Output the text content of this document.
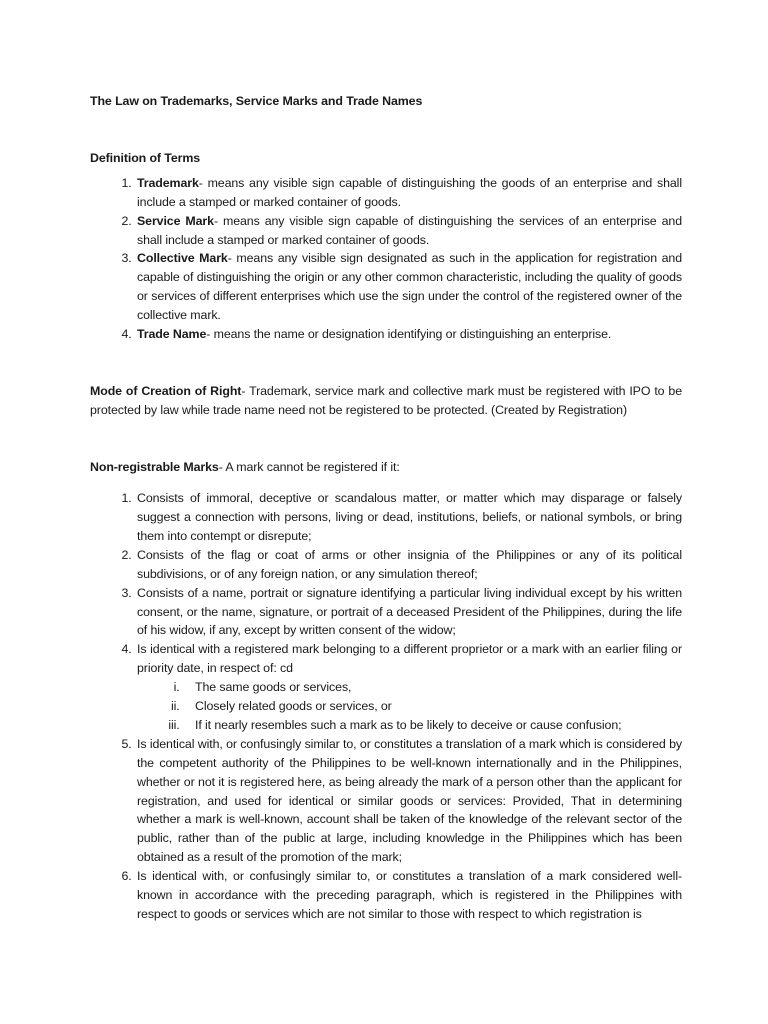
The Law on Trademarks, Service Marks and Trade Names

Definition of Terms
1. Trademark- means any visible sign capable of distinguishing the goods of an enterprise and shall include a stamped or marked container of goods.
2. Service Mark- means any visible sign capable of distinguishing the services of an enterprise and shall include a stamped or marked container of goods.
3. Collective Mark- means any visible sign designated as such in the application for registration and capable of distinguishing the origin or any other common characteristic, including the quality of goods or services of different enterprises which use the sign under the control of the registered owner of the collective mark.
4. Trade Name- means the name or designation identifying or distinguishing an enterprise.

Mode of Creation of Right- Trademark, service mark and collective mark must be registered with IPO to be protected by law while trade name need not be registered to be protected. (Created by Registration)

Non-registrable Marks- A mark cannot be registered if it:

1. Consists of immoral, deceptive or scandalous matter, or matter which may disparage or falsely suggest a connection with persons, living or dead, institutions, beliefs, or national symbols, or bring them into contempt or disrepute;
2. Consists of the flag or coat of arms or other insignia of the Philippines or any of its political subdivisions, or of any foreign nation, or any simulation thereof;
3. Consists of a name, portrait or signature identifying a particular living individual except by his written consent, or the name, signature, or portrait of a deceased President of the Philippines, during the life of his widow, if any, except by written consent of the widow;
4. Is identical with a registered mark belonging to a different proprietor or a mark with an earlier filing or priority date, in respect of: cd
i. The same goods or services,
ii. Closely related goods or services, or
iii. If it nearly resembles such a mark as to be likely to deceive or cause confusion;
5. Is identical with, or confusingly similar to, or constitutes a translation of a mark which is considered by the competent authority of the Philippines to be well-known internationally and in the Philippines, whether or not it is registered here, as being already the mark of a person other than the applicant for registration, and used for identical or similar goods or services: Provided, That in determining whether a mark is well-known, account shall be taken of the knowledge of the relevant sector of the public, rather than of the public at large, including knowledge in the Philippines which has been obtained as a result of the promotion of the mark;
6. Is identical with, or confusingly similar to, or constitutes a translation of a mark considered well-known in accordance with the preceding paragraph, which is registered in the Philippines with respect to goods or services which are not similar to those with respect to which registration is
